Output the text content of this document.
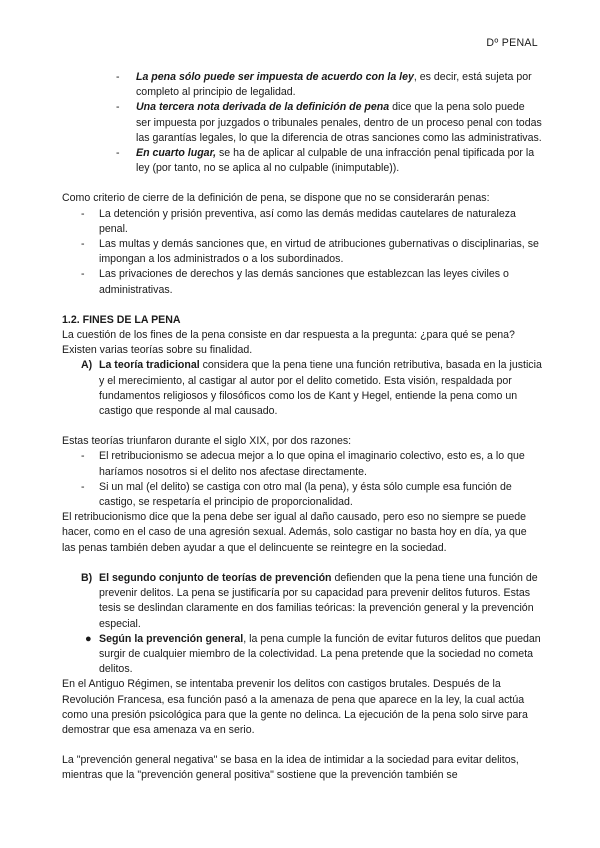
Dº PENAL
- La pena sólo puede ser impuesta de acuerdo con la ley, es decir, está sujeta por completo al principio de legalidad.
- Una tercera nota derivada de la definición de pena dice que la pena solo puede ser impuesta por juzgados o tribunales penales, dentro de un proceso penal con todas las garantías legales, lo que la diferencia de otras sanciones como las administrativas.
- En cuarto lugar, se ha de aplicar al culpable de una infracción penal tipificada por la ley (por tanto, no se aplica al no culpable (inimputable)).

Como criterio de cierre de la definición de pena, se dispone que no se considerarán penas:

- La detención y prisión preventiva, así como las demás medidas cautelares de naturaleza penal.
- Las multas y demás sanciones que, en virtud de atribuciones gubernativas o disciplinarias, se impongan a los administrados o a los subordinados.
- Las privaciones de derechos y las demás sanciones que establezcan las leyes civiles o administrativas.

1.2. FINES DE LA PENA

La cuestión de los fines de la pena consiste en dar respuesta a la pregunta: ¿para qué se pena? Existen varias teorías sobre su finalidad.

A) La teoría tradicional considera que la pena tiene una función retributiva, basada en la justicia y el merecimiento, al castigar al autor por el delito cometido. Esta visión, respaldada por fundamentos religiosos y filosóficos como los de Kant y Hegel, entiende la pena como un castigo que responde al mal causado.

Estas teorías triunfaron durante el siglo XIX, por dos razones:

- El retribucionismo se adecua mejor a lo que opina el imaginario colectivo, esto es, a lo que haríamos nosotros si el delito nos afectase directamente.
- Si un mal (el delito) se castiga con otro mal (la pena), y ésta sólo cumple esa función de castigo, se respetaría el principio de proporcionalidad.

El retribucionismo dice que la pena debe ser igual al daño causado, pero eso no siempre se puede hacer, como en el caso de una agresión sexual. Además, solo castigar no basta hoy en día, ya que las penas también deben ayudar a que el delincuente se reintegre en la sociedad.

B) El segundo conjunto de teorías de prevención defienden que la pena tiene una función de prevenir delitos. La pena se justificaría por su capacidad para prevenir delitos futuros. Estas tesis se deslindan claramente en dos familias teóricas: la prevención general y la prevención especial.
● Según la prevención general, la pena cumple la función de evitar futuros delitos que puedan surgir de cualquier miembro de la colectividad. La pena pretende que la sociedad no cometa delitos.

En el Antiguo Régimen, se intentaba prevenir los delitos con castigos brutales. Después de la Revolución Francesa, esa función pasó a la amenaza de pena que aparece en la ley, la cual actúa como una presión psicológica para que la gente no delinca. La ejecución de la pena solo sirve para demostrar que esa amenaza va en serio.

La "prevención general negativa" se basa en la idea de intimidar a la sociedad para evitar delitos, mientras que la "prevención general positiva" sostiene que la prevención también se
